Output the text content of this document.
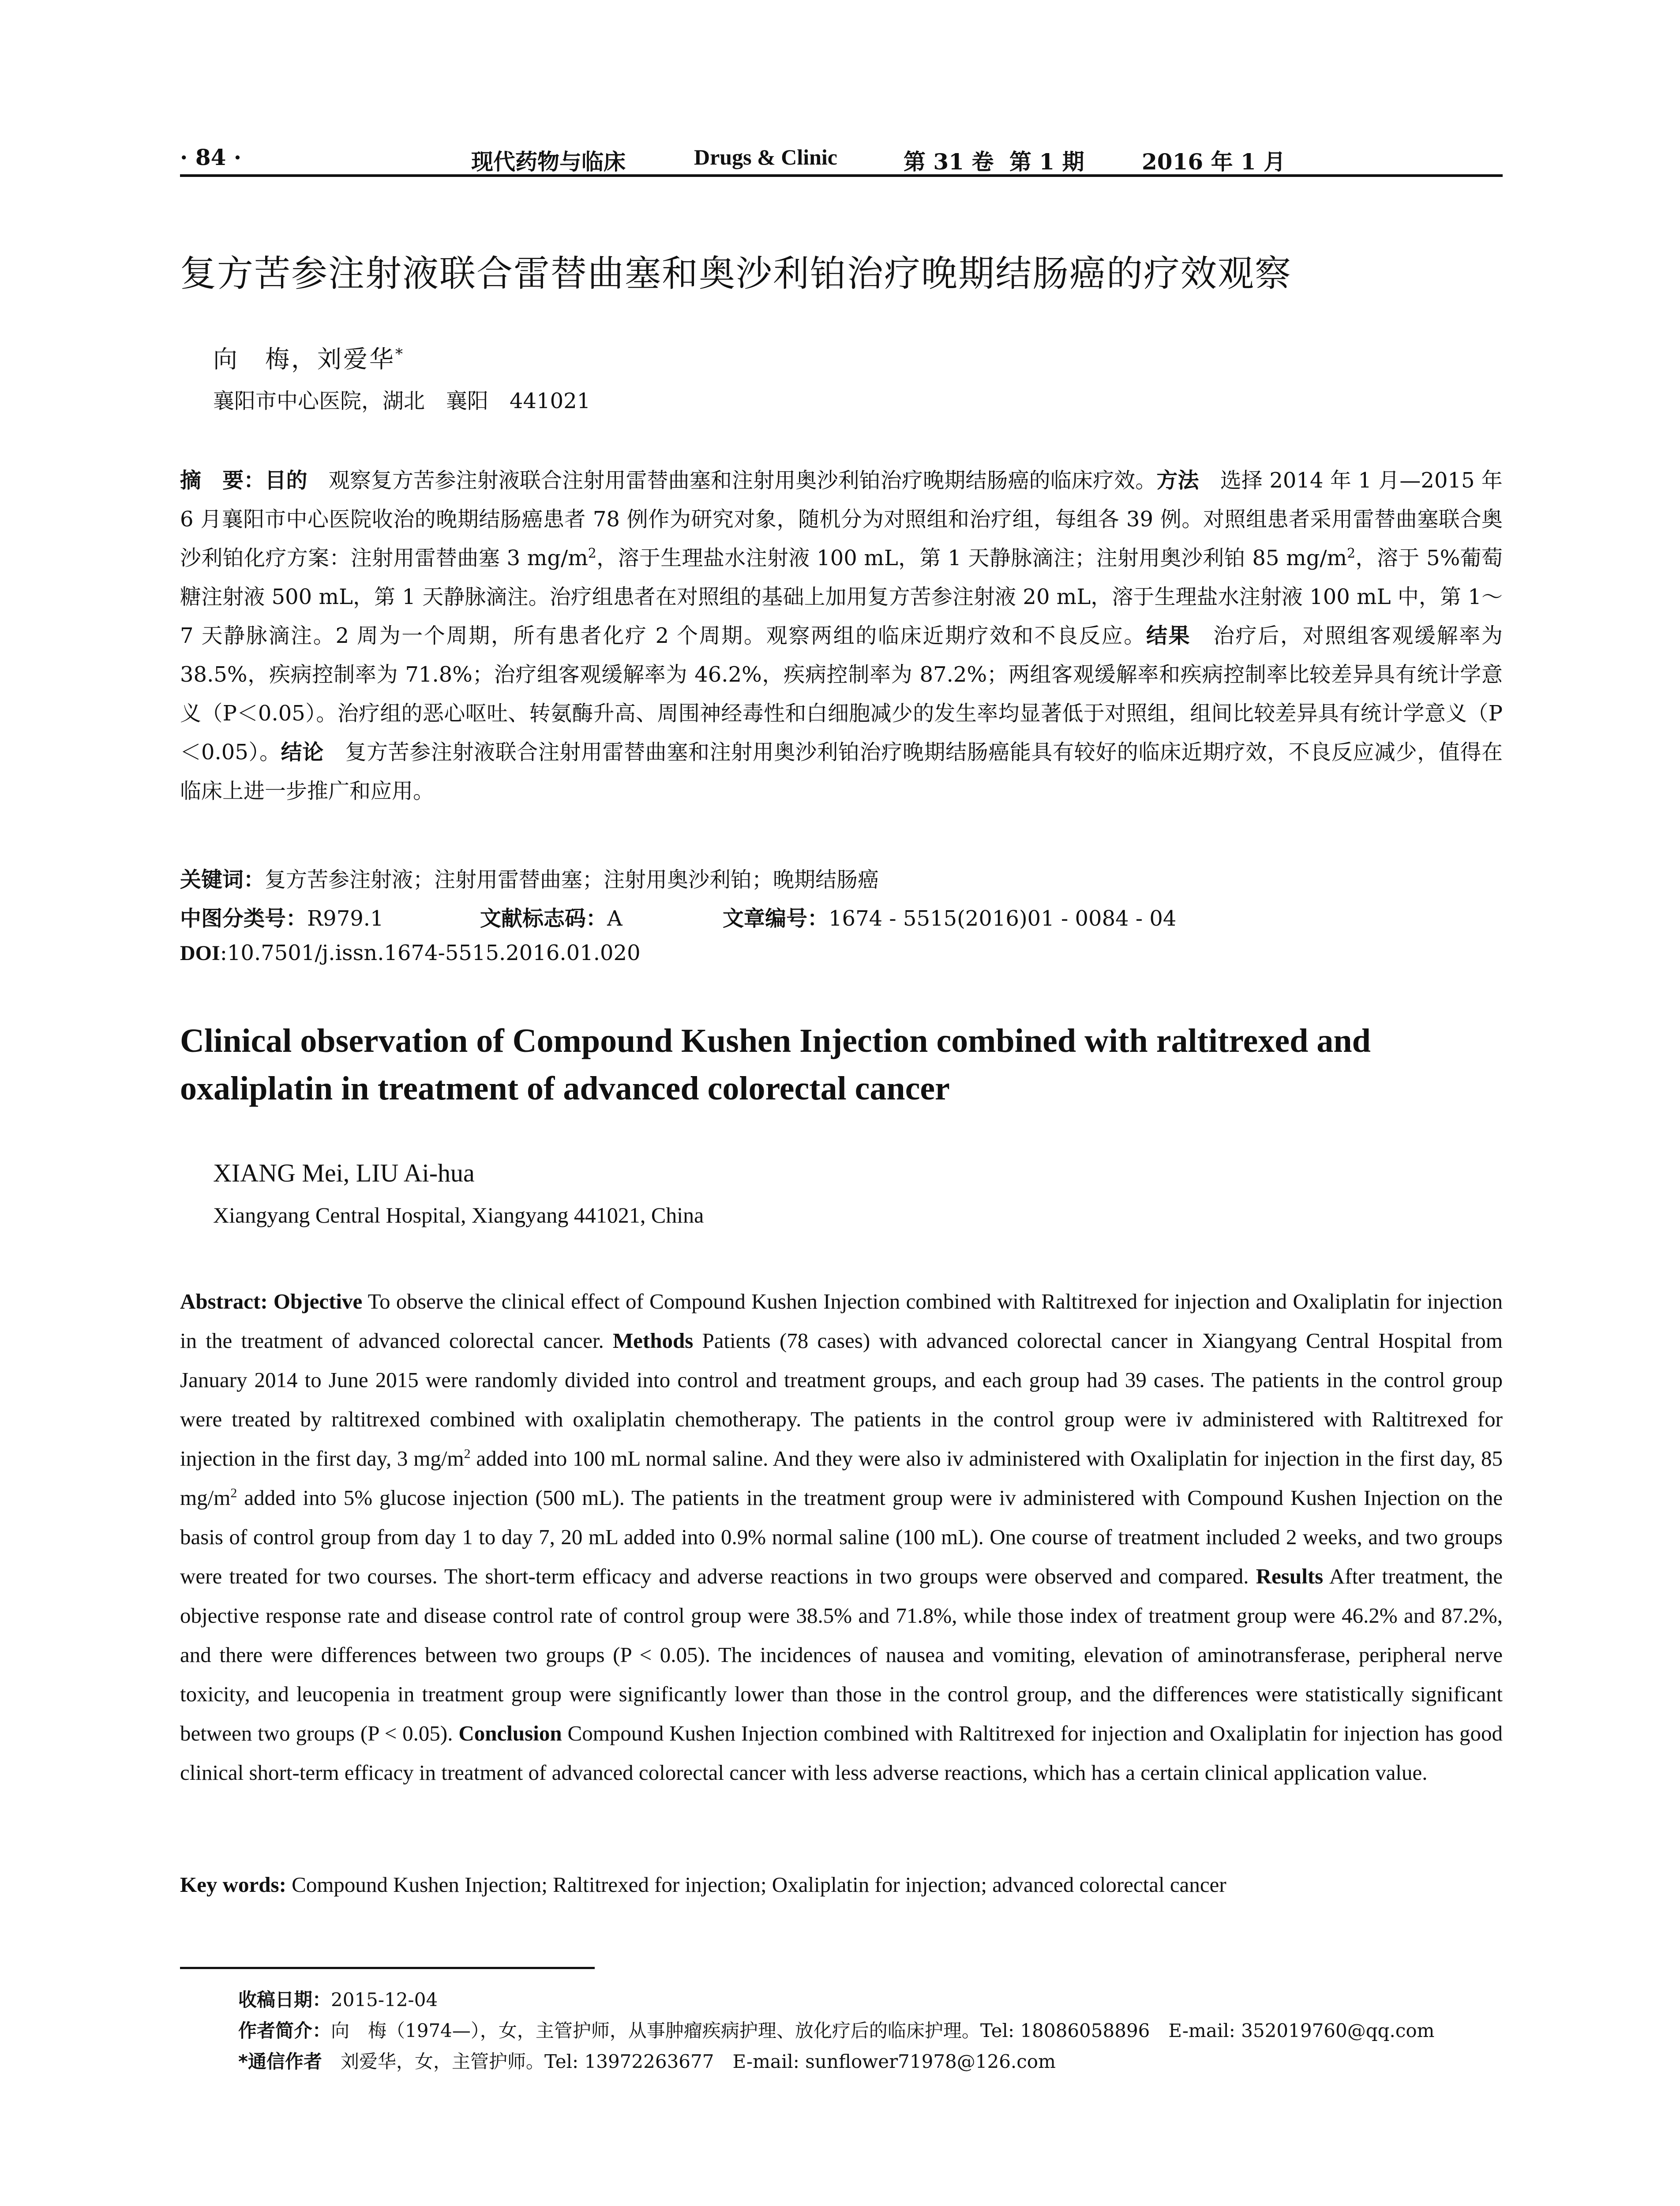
· 84 ·	现代药物与临床	Drugs & Clinic	第 31 卷 第 1 期	2016 年 1 月
复方苦参注射液联合雷替曲塞和奥沙利铂治疗晚期结肠癌的疗效观察
向　梅，刘爱华*
襄阳市中心医院，湖北　襄阳　441021
摘　要：目的　观察复方苦参注射液联合注射用雷替曲塞和注射用奥沙利铂治疗晚期结肠癌的临床疗效。方法　选择 2014 年 1 月—2015 年 6 月襄阳市中心医院收治的晚期结肠癌患者 78 例作为研究对象，随机分为对照组和治疗组，每组各 39 例。对照组患者采用雷替曲塞联合奥沙利铂化疗方案：注射用雷替曲塞 3 $mg/m^2$，溶于生理盐水注射液 100 mL，第 1 天静脉滴注；注射用奥沙利铂 85 $mg/m^2$，溶于 5%葡萄糖注射液 500 mL，第 1 天静脉滴注。治疗组患者在对照组的基础上加用复方苦参注射液 20 mL，溶于生理盐水注射液 100 mL 中，第 1～7 天静脉滴注。2 周为一个周期，所有患者化疗 2 个周期。观察两组的临床近期疗效和不良反应。结果　治疗后，对照组客观缓解率为 38.5%，疾病控制率为 71.8%；治疗组客观缓解率为 46.2%，疾病控制率为 87.2%；两组客观缓解率和疾病控制率比较差异具有统计学意义（P＜0.05）。治疗组的恶心呕吐、转氨酶升高、周围神经毒性和白细胞减少的发生率均显著低于对照组，组间比较差异具有统计学意义（P＜0.05）。结论　复方苦参注射液联合注射用雷替曲塞和注射用奥沙利铂治疗晚期结肠癌能具有较好的临床近期疗效，不良反应减少，值得在临床上进一步推广和应用。
关键词：复方苦参注射液；注射用雷替曲塞；注射用奥沙利铂；晚期结肠癌
中图分类号：R979.1	文献标志码：A	文章编号：1674 - 5515(2016)01 - 0084 - 04
DOI:10.7501/j.issn.1674-5515.2016.01.020
Clinical observation of Compound Kushen Injection combined with raltitrexed and oxaliplatin in treatment of advanced colorectal cancer
XIANG Mei, LIU Ai-hua
Xiangyang Central Hospital, Xiangyang 441021, China
Abstract: Objective To observe the clinical effect of Compound Kushen Injection combined with Raltitrexed for injection and Oxaliplatin for injection in the treatment of advanced colorectal cancer. Methods Patients (78 cases) with advanced colorectal cancer in Xiangyang Central Hospital from January 2014 to June 2015 were randomly divided into control and treatment groups, and each group had 39 cases. The patients in the control group were treated by raltitrexed combined with oxaliplatin chemotherapy. The patients in the control group were iv administered with Raltitrexed for injection in the first day, 3 $mg/m^2$ added into 100 mL normal saline. And they were also iv administered with Oxaliplatin for injection in the first day, 85 $mg/m^2$ added into 5% glucose injection (500 mL). The patients in the treatment group were iv administered with Compound Kushen Injection on the basis of control group from day 1 to day 7, 20 mL added into 0.9% normal saline (100 mL). One course of treatment included 2 weeks, and two groups were treated for two courses. The short-term efficacy and adverse reactions in two groups were observed and compared. Results After treatment, the objective response rate and disease control rate of control group were 38.5% and 71.8%, while those index of treatment group were 46.2% and 87.2%, and there were differences between two groups (P < 0.05). The incidences of nausea and vomiting, elevation of aminotransferase, peripheral nerve toxicity, and leucopenia in treatment group were significantly lower than those in the control group, and the differences were statistically significant between two groups (P < 0.05). Conclusion Compound Kushen Injection combined with Raltitrexed for injection and Oxaliplatin for injection has good clinical short-term efficacy in treatment of advanced colorectal cancer with less adverse reactions, which has a certain clinical application value.
Key words: Compound Kushen Injection; Raltitrexed for injection; Oxaliplatin for injection; advanced colorectal cancer
收稿日期：2015-12-04
作者简介：向　梅（1974—），女，主管护师，从事肿瘤疾病护理、放化疗后的临床护理。Tel: 18086058896　E-mail: 352019760@qq.com
*通信作者　刘爱华，女，主管护师。Tel: 13972263677　E-mail: sunflower71978@126.com
